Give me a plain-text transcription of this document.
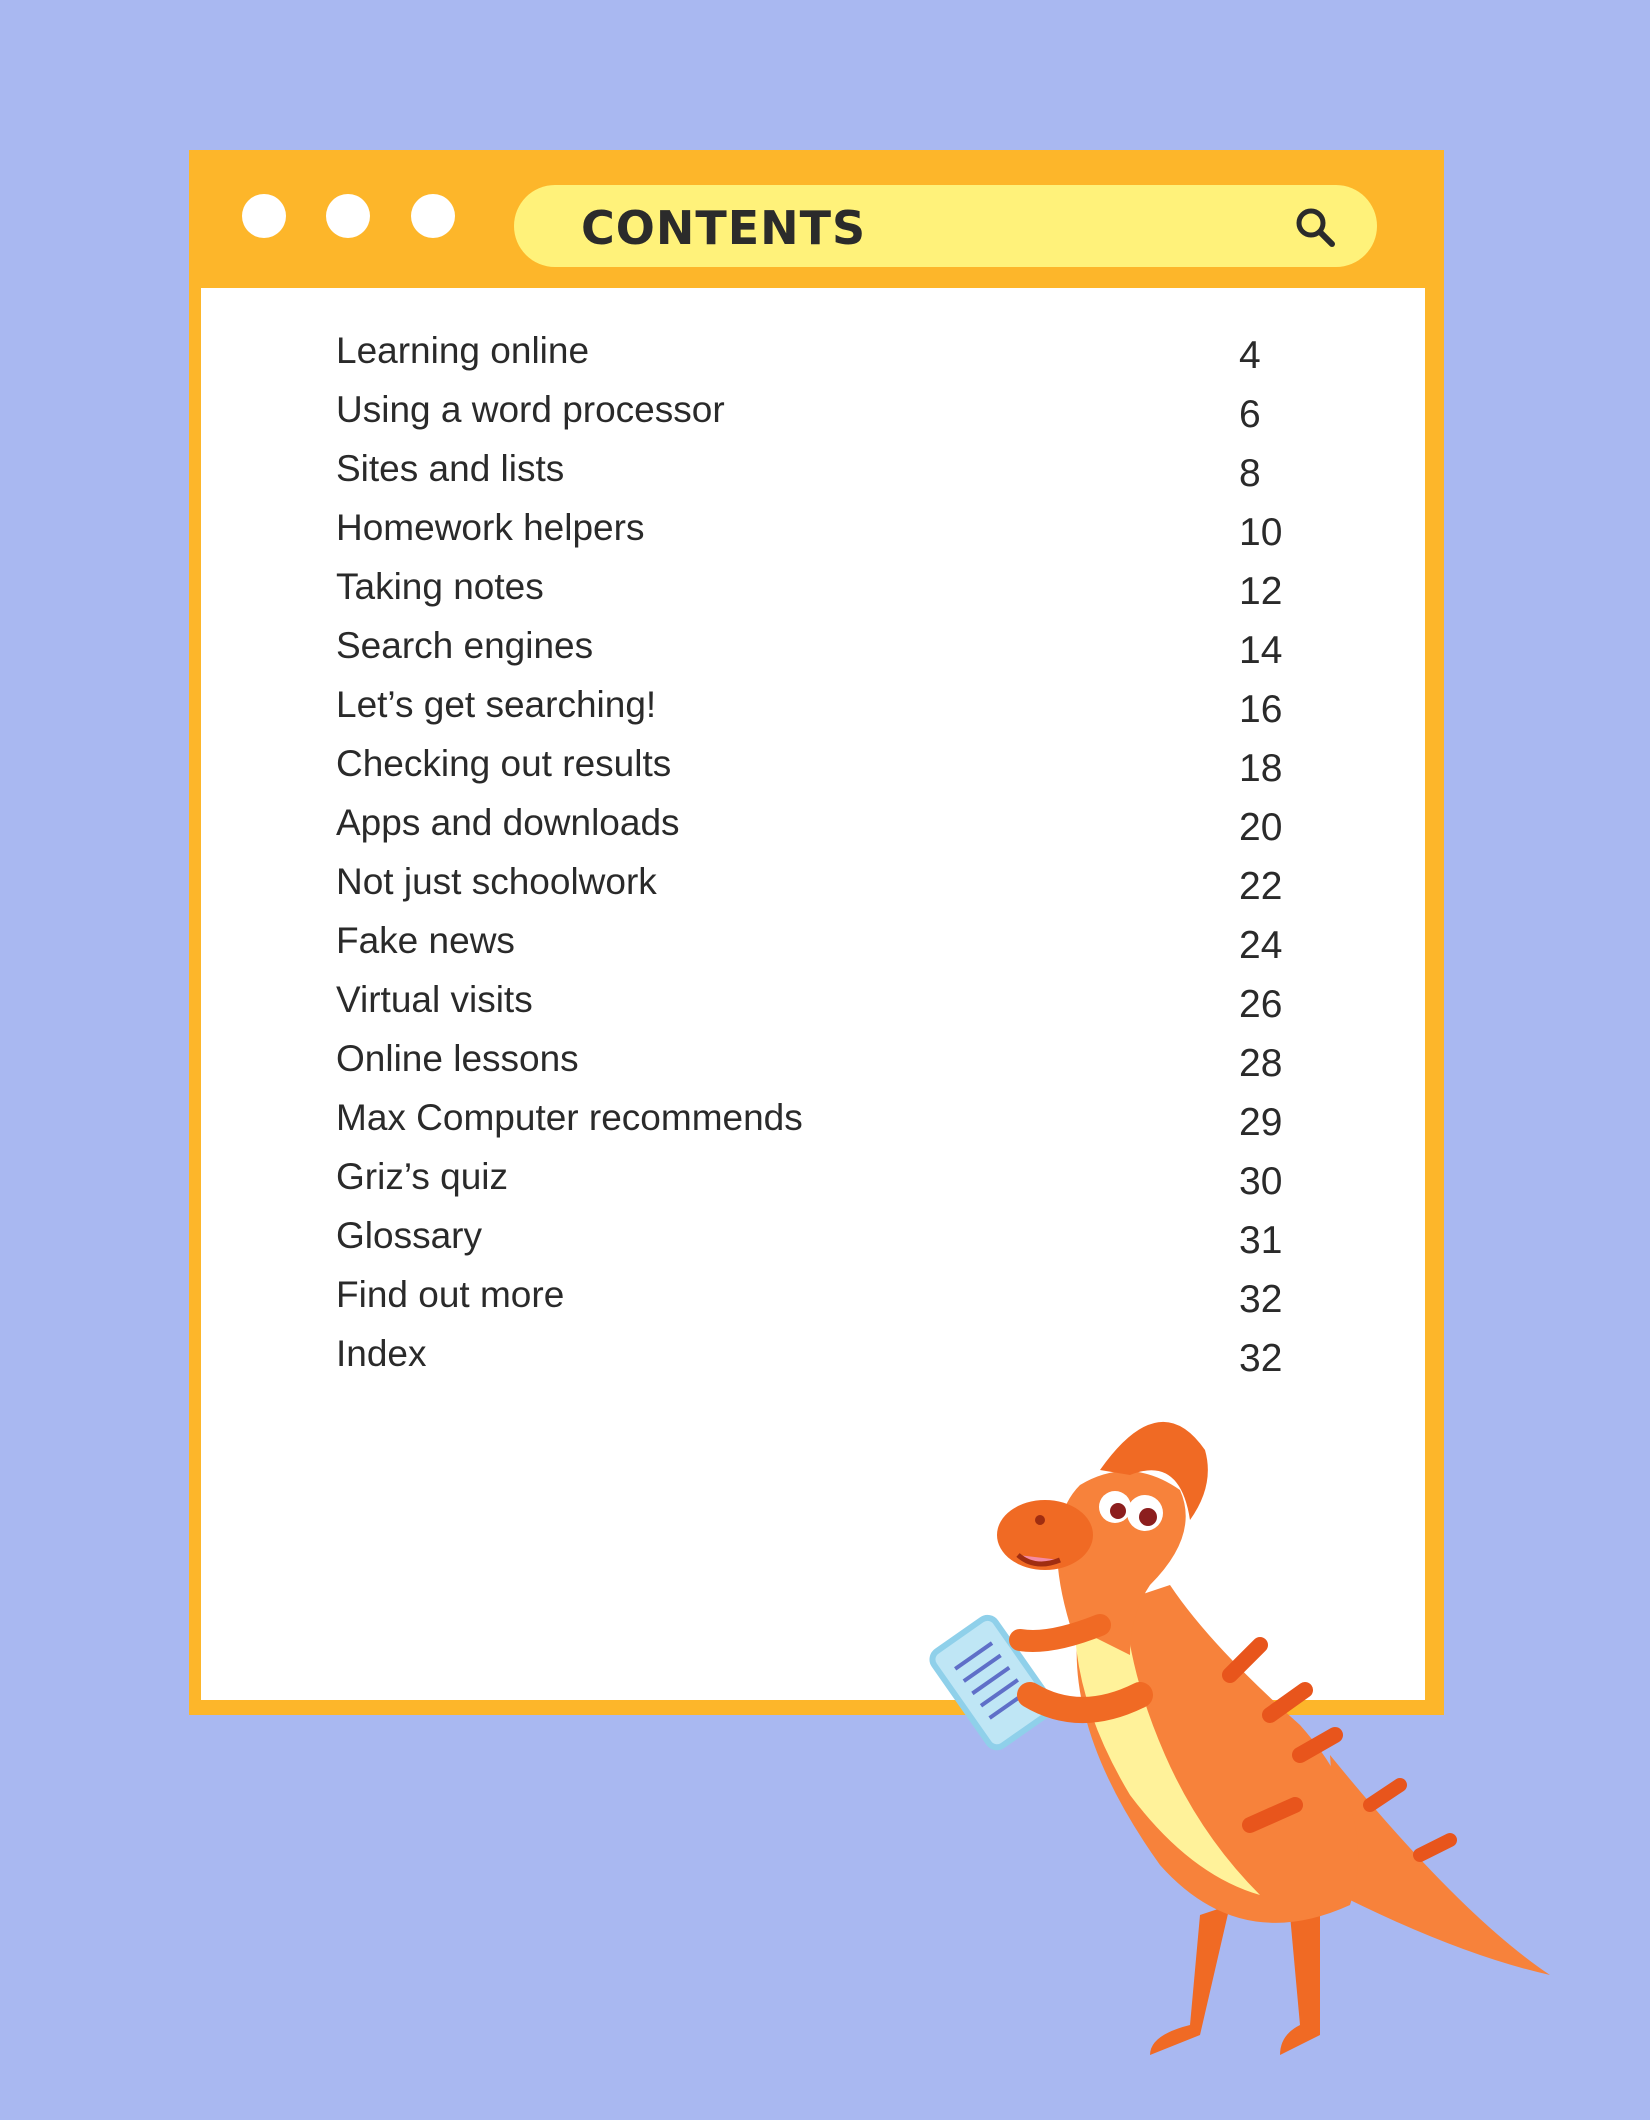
CONTENTS
Learning online	4
Using a word processor	6
Sites and lists	8
Homework helpers	10
Taking notes	12
Search engines	14
Let’s get searching!	16
Checking out results	18
Apps and downloads	20
Not just schoolwork	22
Fake news	24
Virtual visits	26
Online lessons	28
Max Computer recommends	29
Griz’s quiz	30
Glossary	31
Find out more	32
Index	32
